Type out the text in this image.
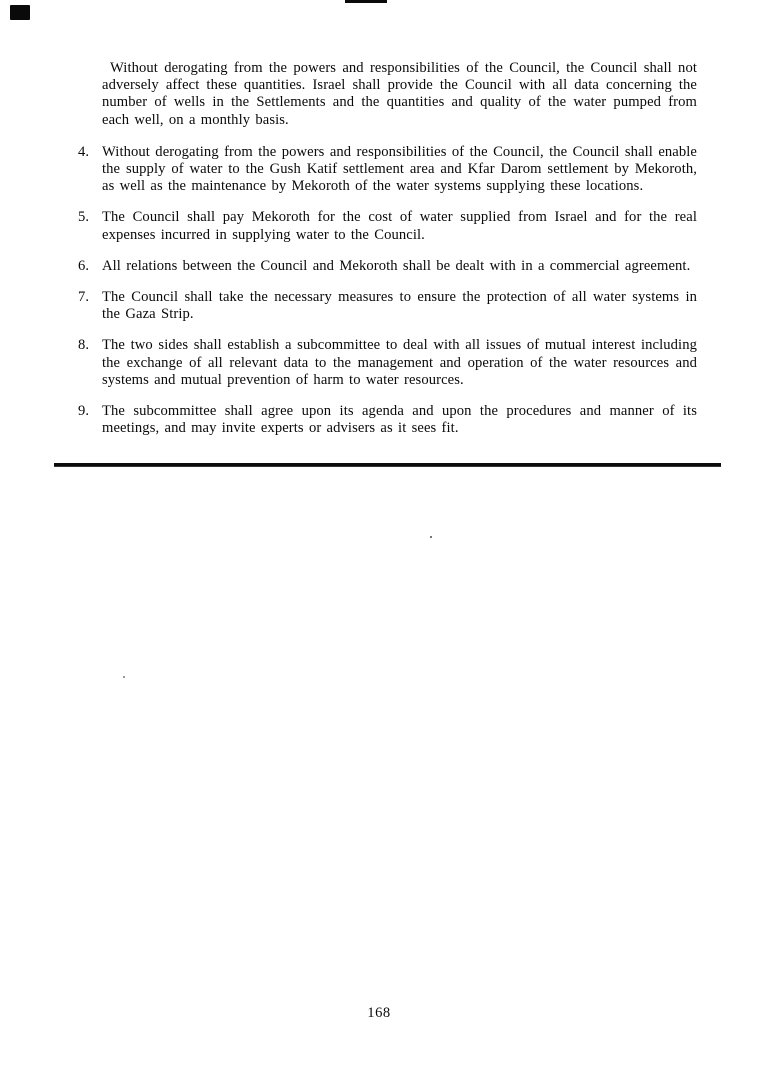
Without derogating from the powers and responsibilities of the Council, the Council shall not adversely affect these quantities. Israel shall provide the Council with all data concerning the number of wells in the Settlements and the quantities and quality of the water pumped from each well, on a monthly basis.

4. Without derogating from the powers and responsibilities of the Council, the Council shall enable the supply of water to the Gush Katif settlement area and Kfar Darom settlement by Mekoroth, as well as the maintenance by Mekoroth of the water systems supplying these locations.

5. The Council shall pay Mekoroth for the cost of water supplied from Israel and for the real expenses incurred in supplying water to the Council.

6. All relations between the Council and Mekoroth shall be dealt with in a commercial agreement.

7. The Council shall take the necessary measures to ensure the protection of all water systems in the Gaza Strip.

8. The two sides shall establish a subcommittee to deal with all issues of mutual interest including the exchange of all relevant data to the management and operation of the water resources and systems and mutual prevention of harm to water resources.

9. The subcommittee shall agree upon its agenda and upon the procedures and manner of its meetings, and may invite experts or advisers as it sees fit.

168
